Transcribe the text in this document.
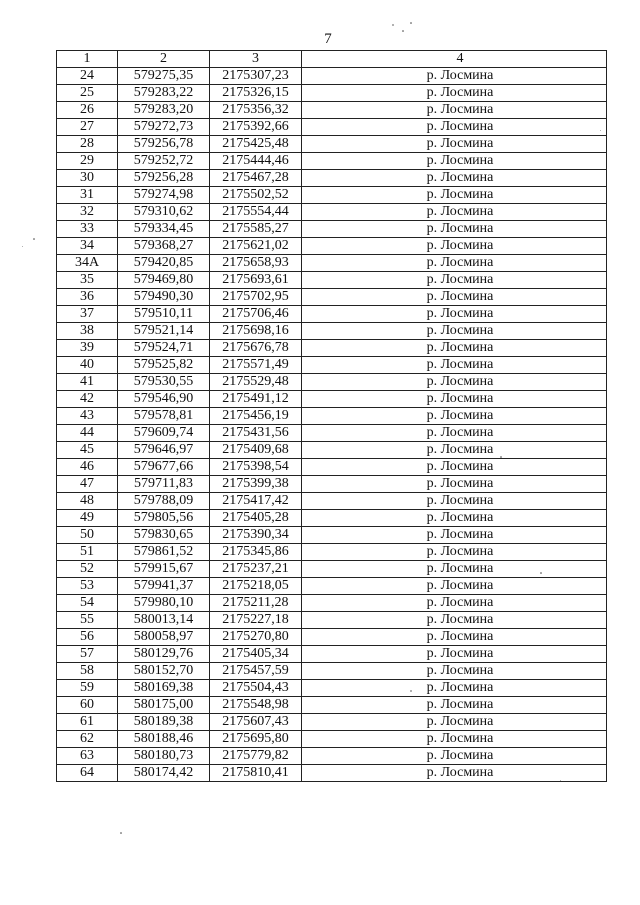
7
1	2	3	4
24	579275,35	2175307,23	р. Лосмина
25	579283,22	2175326,15	р. Лосмина
26	579283,20	2175356,32	р. Лосмина
27	579272,73	2175392,66	р. Лосмина
28	579256,78	2175425,48	р. Лосмина
29	579252,72	2175444,46	р. Лосмина
30	579256,28	2175467,28	р. Лосмина
31	579274,98	2175502,52	р. Лосмина
32	579310,62	2175554,44	р. Лосмина
33	579334,45	2175585,27	р. Лосмина
34	579368,27	2175621,02	р. Лосмина
34А	579420,85	2175658,93	р. Лосмина
35	579469,80	2175693,61	р. Лосмина
36	579490,30	2175702,95	р. Лосмина
37	579510,11	2175706,46	р. Лосмина
38	579521,14	2175698,16	р. Лосмина
39	579524,71	2175676,78	р. Лосмина
40	579525,82	2175571,49	р. Лосмина
41	579530,55	2175529,48	р. Лосмина
42	579546,90	2175491,12	р. Лосмина
43	579578,81	2175456,19	р. Лосмина
44	579609,74	2175431,56	р. Лосмина
45	579646,97	2175409,68	р. Лосмина
46	579677,66	2175398,54	р. Лосмина
47	579711,83	2175399,38	р. Лосмина
48	579788,09	2175417,42	р. Лосмина
49	579805,56	2175405,28	р. Лосмина
50	579830,65	2175390,34	р. Лосмина
51	579861,52	2175345,86	р. Лосмина
52	579915,67	2175237,21	р. Лосмина
53	579941,37	2175218,05	р. Лосмина
54	579980,10	2175211,28	р. Лосмина
55	580013,14	2175227,18	р. Лосмина
56	580058,97	2175270,80	р. Лосмина
57	580129,76	2175405,34	р. Лосмина
58	580152,70	2175457,59	р. Лосмина
59	580169,38	2175504,43	р. Лосмина
60	580175,00	2175548,98	р. Лосмина
61	580189,38	2175607,43	р. Лосмина
62	580188,46	2175695,80	р. Лосмина
63	580180,73	2175779,82	р. Лосмина
64	580174,42	2175810,41	р. Лосмина
